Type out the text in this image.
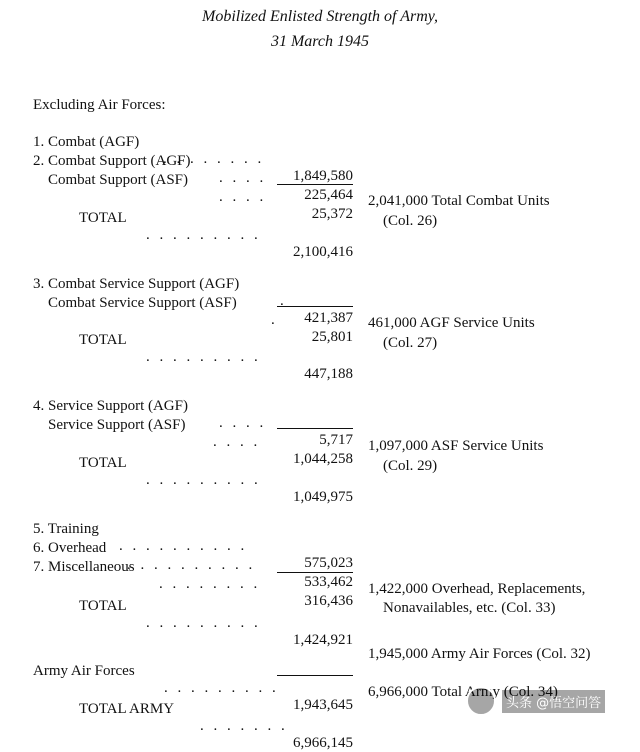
Mobilized Enlisted Strength of Army,
31 March 1945
Excluding Air Forces:

1. Combat (AGF)

. . . . . . . .

1,849,580

2. Combat Support (AGF)

. . . .

225,464

Combat Support (ASF)

. . . .

25,372

TOTAL

. . . . . . . . .

2,100,416

2,041,000 Total Combat Units
(Col. 26)

3. Combat Service Support (AGF)

.

421,387

Combat Service Support (ASF)

.

25,801

TOTAL

. . . . . . . . .

447,188

461,000 AGF Service Units
(Col. 27)

4. Service Support (AGF)

. . . .

5,717

Service Support (ASF)

. . . .

1,044,258

TOTAL

. . . . . . . . .

1,049,975

1,097,000 ASF Service Units
(Col. 29)

5. Training

. . . . . . . . . .

575,023

6. Overhead

. . . . . . . . . .

533,462

7. Miscellaneous

. . . . . . . .

316,436

TOTAL

. . . . . . . . .

1,424,921

1,422,000 Overhead, Replacements,
Nonavailables, etc. (Col. 33)

Army Air Forces

. . . . . . . . .

1,943,645

1,945,000 Army Air Forces (Col. 32)

TOTAL ARMY

. . . . . . .

6,966,145

6,966,000 Total Army (Col. 34)
头条 @悟空问答
